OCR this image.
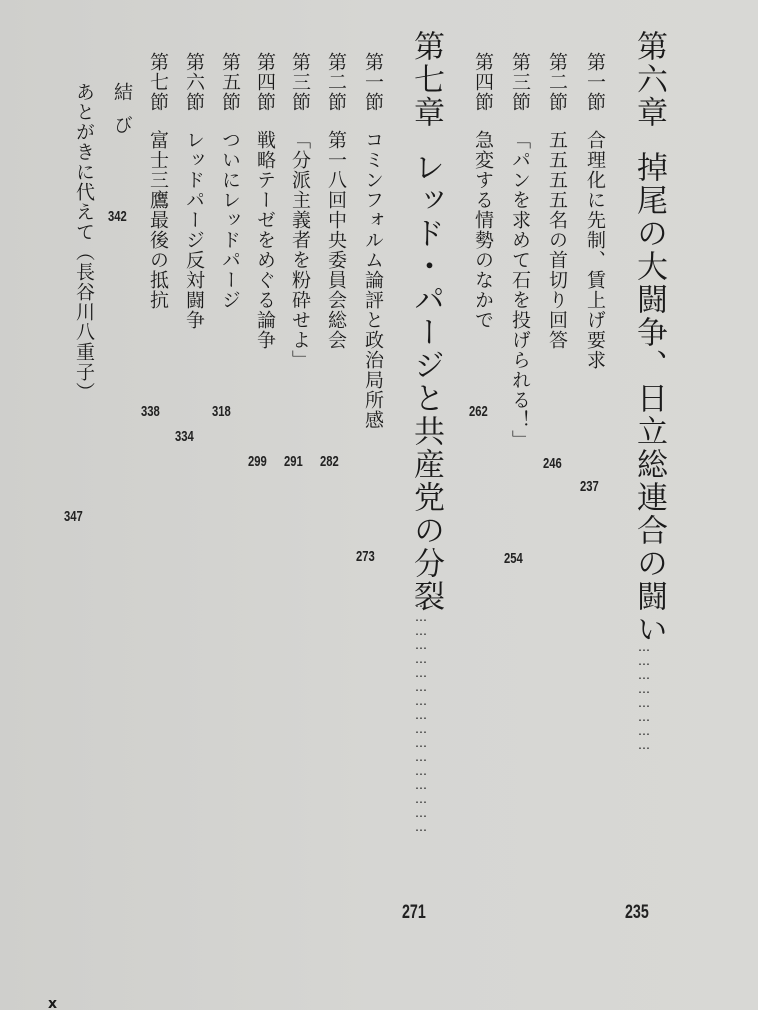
第六章掉尾の大闘争、日立総連合の闘い
……………………
235
第一節合理化に先制、賃上げ要求
237
第二節五五五五名の首切り回答
246
第三節「パンを求めて石を投げられる！」
254
第四節急変する情勢のなかで
262
第七章レッド・パージと共産党の分裂
……………………………………………
271
第一節コミンフォルム論評と政治局所感
273
第二節第一八回中央委員会総会
282
第三節「分派主義者を粉砕せよ」
291
第四節戦略テーゼをめぐる論争
299
第五節ついにレッドパージ
318
第六節レッドパージ反対闘争
334
第七節富士三鷹最後の抵抗
338
結び
342
あとがきに代えて（長谷川八重子）
347
x
